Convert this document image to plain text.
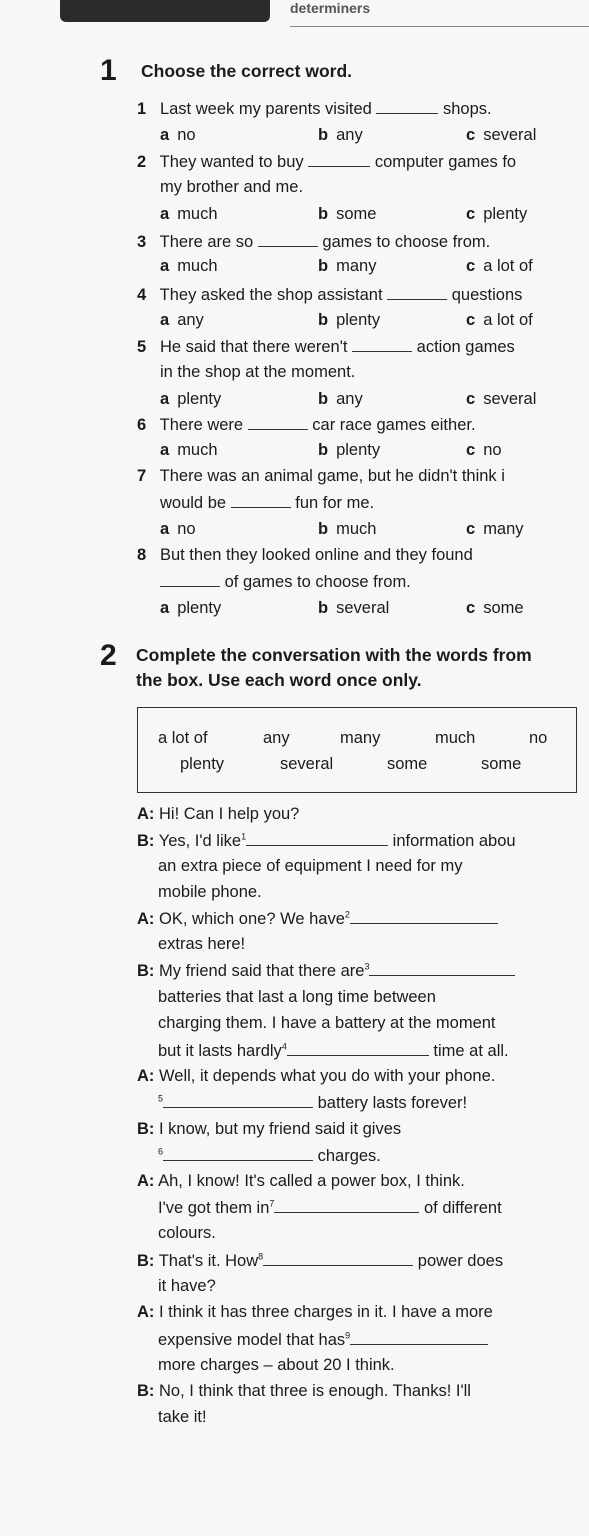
determiners
1 Choose the correct word.
1 Last week my parents visited	shops.
a no	b any	c several
2 They wanted to buy	computer games fo
my brother and me.
a much	b some	c plenty
3 There are so	games to choose from.
a much	b many	c a lot of
4 They asked the shop assistant	questions
a any	b plenty	c a lot of
5 He said that there weren't	action games
in the shop at the moment.
a plenty	b any	c several
6 There were	car race games either.
a much	b plenty	c no
7 There was an animal game, but he didn't think i
would be	fun for me.
a no	b much	c many
8 But then they looked online and they found
of games to choose from.
a plenty	b several	c some
2 Complete the conversation with the words from
the box. Use each word once only.
a lot of	any	many	much	no
plenty	several	some	some
A: Hi! Can I help you?
B: Yes, I'd like$^1$	information abou
an extra piece of equipment I need for my
mobile phone.
A: OK, which one? We have$^2$
extras here!
B: My friend said that there are$^3$
batteries that last a long time between
charging them. I have a battery at the moment
but it lasts hardly$^4$	time at all.
A: Well, it depends what you do with your phone.
$^5$	battery lasts forever!
B: I know, but my friend said it gives
$^6$	charges.
A: Ah, I know! It's called a power box, I think.
I've got them $in^7$	of different
colours.
B: That's it. How$^8$	power does
it have?
A: I think it has three charges in it. I have a more
expensive model that has$^9$
more charges – about 20 I think.
B: No, I think that three is enough. Thanks! I'll
take it!
